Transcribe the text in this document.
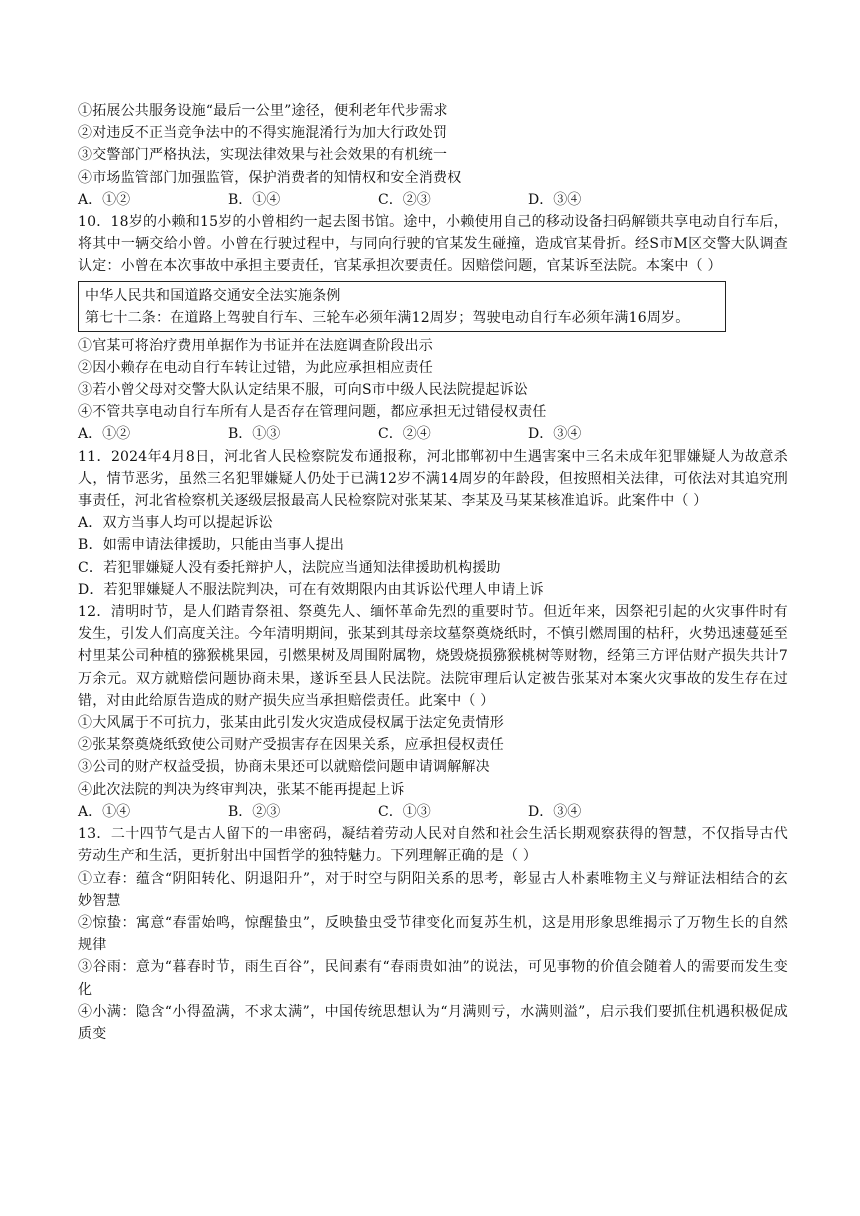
①拓展公共服务设施“最后一公里”途径，便利老年代步需求
②对违反不正当竞争法中的不得实施混淆行为加大行政处罚
③交警部门严格执法，实现法律效果与社会效果的有机统一
④市场监管部门加强监管，保护消费者的知情权和安全消费权
A．①②	B．①④	C．②③	D．③④
10．18岁的小赖和15岁的小曾相约一起去图书馆。途中，小赖使用自己的移动设备扫码解锁共享电动自行车后，将其中一辆交给小曾。小曾在行驶过程中，与同向行驶的官某发生碰撞，造成官某骨折。经S市M区交警大队调查认定：小曾在本次事故中承担主要责任，官某承担次要责任。因赔偿问题，官某诉至法院。本案中（ ）
中华人民共和国道路交通安全法实施条例
第七十二条：在道路上驾驶自行车、三轮车必须年满12周岁；驾驶电动自行车必须年满16周岁。
①官某可将治疗费用单据作为书证并在法庭调查阶段出示
②因小赖存在电动自行车转让过错，为此应承担相应责任
③若小曾父母对交警大队认定结果不服，可向S市中级人民法院提起诉讼
④不管共享电动自行车所有人是否存在管理问题，都应承担无过错侵权责任
A．①②	B．①③	C．②④	D．③④
11．2024年4月8日，河北省人民检察院发布通报称，河北邯郸初中生遇害案中三名未成年犯罪嫌疑人为故意杀人，情节恶劣，虽然三名犯罪嫌疑人仍处于已满12岁不满14周岁的年龄段，但按照相关法律，可依法对其追究刑事责任，河北省检察机关逐级层报最高人民检察院对张某某、李某及马某某核准追诉。此案件中（ ）
A．双方当事人均可以提起诉讼
B．如需申请法律援助，只能由当事人提出
C．若犯罪嫌疑人没有委托辩护人，法院应当通知法律援助机构援助
D．若犯罪嫌疑人不服法院判决，可在有效期限内由其诉讼代理人申请上诉
12．清明时节，是人们踏青祭祖、祭奠先人、缅怀革命先烈的重要时节。但近年来，因祭祀引起的火灾事件时有发生，引发人们高度关注。今年清明期间，张某到其母亲坟墓祭奠烧纸时，不慎引燃周围的枯秆，火势迅速蔓延至村里某公司种植的猕猴桃果园，引燃果树及周围附属物，烧毁烧损猕猴桃树等财物，经第三方评估财产损失共计7万余元。双方就赔偿问题协商未果，遂诉至县人民法院。法院审理后认定被告张某对本案火灾事故的发生存在过错，对由此给原告造成的财产损失应当承担赔偿责任。此案中（ ）
①大风属于不可抗力，张某由此引发火灾造成侵权属于法定免责情形
②张某祭奠烧纸致使公司财产受损害存在因果关系，应承担侵权责任
③公司的财产权益受损，协商未果还可以就赔偿问题申请调解解决
④此次法院的判决为终审判决，张某不能再提起上诉
A．①④	B．②③	C．①③	D．③④
13．二十四节气是古人留下的一串密码，凝结着劳动人民对自然和社会生活长期观察获得的智慧，不仅指导古代劳动生产和生活，更折射出中国哲学的独特魅力。下列理解正确的是（ ）
①立春：蕴含“阴阳转化、阴退阳升”，对于时空与阴阳关系的思考，彰显古人朴素唯物主义与辩证法相结合的玄妙智慧
②惊蛰：寓意“春雷始鸣，惊醒蛰虫”，反映蛰虫受节律变化而复苏生机，这是用形象思维揭示了万物生长的自然规律
③谷雨：意为“暮春时节，雨生百谷”，民间素有“春雨贵如油”的说法，可见事物的价值会随着人的需要而发生变化
④小满：隐含“小得盈满，不求太满”，中国传统思想认为“月满则亏，水满则溢”，启示我们要抓住机遇积极促成质变
